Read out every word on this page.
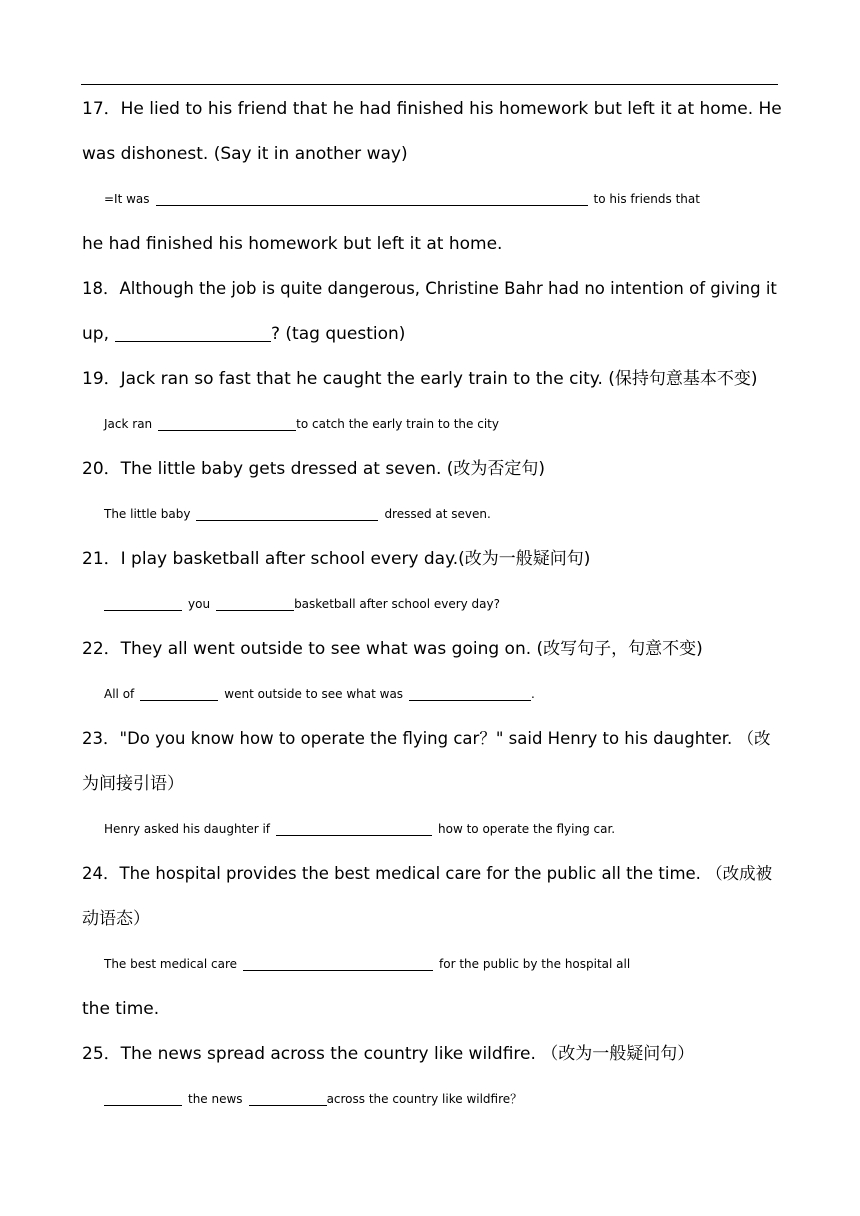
17．He lied to his friend that he had finished his homework but left it at home. He
was dishonest. (Say it in another way)
=It was	to his friends that
he had finished his homework but left it at home.
18．Although the job is quite dangerous, Christine Bahr had no intention of giving it
up,	? (tag question)
19．Jack ran so fast that he caught the early train to the city. (保持句意基本不变)
Jack ran	to catch the early train to the city
20．The little baby gets dressed at seven. (改为否定句)
The little baby	dressed at seven.
21．I play basketball after school every day.(改为一般疑问句)
you	basketball after school every day?
22．They all went outside to see what was going on. (改写句子，句意不变)
All of	went outside to see what was	.
23．"Do you know how to operate the flying car？" said Henry to his daughter. （改
为间接引语）
Henry asked his daughter if	how to operate the flying car.
24．The hospital provides the best medical care for the public all the time. （改成被
动语态）
The best medical care	for the public by the hospital all
the time.
25．The news spread across the country like wildfire. （改为一般疑问句）
the news	across the country like wildfire？
